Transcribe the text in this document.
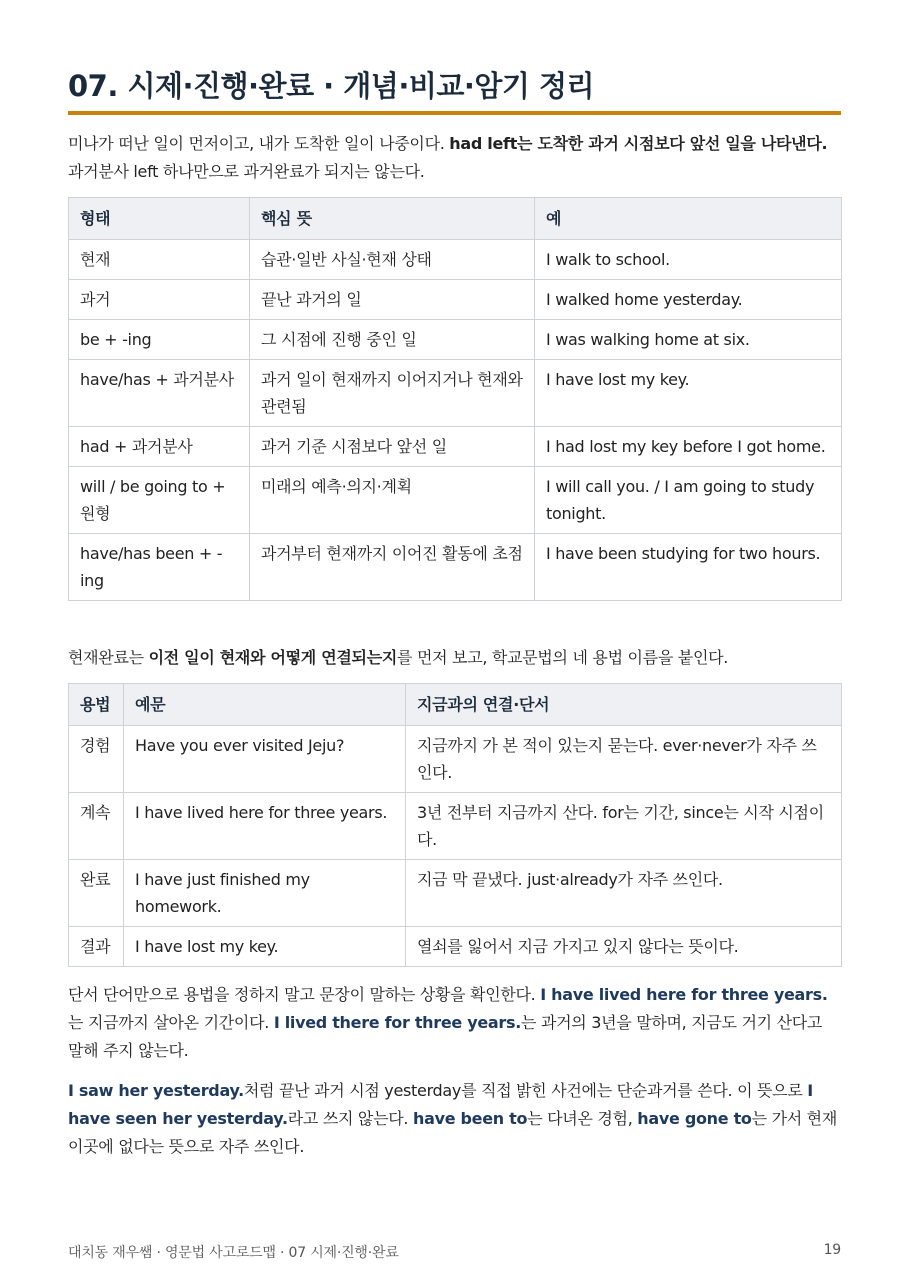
07. 시제·진행·완료 · 개념·비교·암기 정리

미나가 떠난 일이 먼저이고, 내가 도착한 일이 나중이다. had left는 도착한 과거 시점보다 앞선 일을 나타낸다. 과거분사 left 하나만으로 과거완료가 되지는 않는다.

형태	핵심 뜻	예
현재	습관·일반 사실·현재 상태	I walk to school.
과거	끝난 과거의 일	I walked home yesterday.
be + -ing	그 시점에 진행 중인 일	I was walking home at six.
have/has + 과거분사	과거 일이 현재까지 이어지거나 현재와 관련됨	I have lost my key.
had + 과거분사	과거 기준 시점보다 앞선 일	I had lost my key before I got home.
will / be going to + 원형	미래의 예측·의지·계획	I will call you. / I am going to study tonight.
have/has been + -ing	과거부터 현재까지 이어진 활동에 초점	I have been studying for two hours.

현재완료는 이전 일이 현재와 어떻게 연결되는지를 먼저 보고, 학교문법의 네 용법 이름을 붙인다.

용법	예문	지금과의 연결·단서
경험	Have you ever visited Jeju?	지금까지 가 본 적이 있는지 묻는다. ever·never가 자주 쓰인다.
계속	I have lived here for three years.	3년 전부터 지금까지 산다. for는 기간, since는 시작 시점이다.
완료	I have just finished my homework.	지금 막 끝냈다. just·already가 자주 쓰인다.
결과	I have lost my key.	열쇠를 잃어서 지금 가지고 있지 않다는 뜻이다.

단서 단어만으로 용법을 정하지 말고 문장이 말하는 상황을 확인한다. I have lived here for three years.는 지금까지 살아온 기간이다. I lived there for three years.는 과거의 3년을 말하며, 지금도 거기 산다고 말해 주지 않는다.

I saw her yesterday.처럼 끝난 과거 시점 yesterday를 직접 밝힌 사건에는 단순과거를 쓴다. 이 뜻으로 I have seen her yesterday.라고 쓰지 않는다. have been to는 다녀온 경험, have gone to는 가서 현재 이곳에 없다는 뜻으로 자주 쓰인다.

대치동 재우쌤 · 영문법 사고로드맵 · 07 시제·진행·완료	19
